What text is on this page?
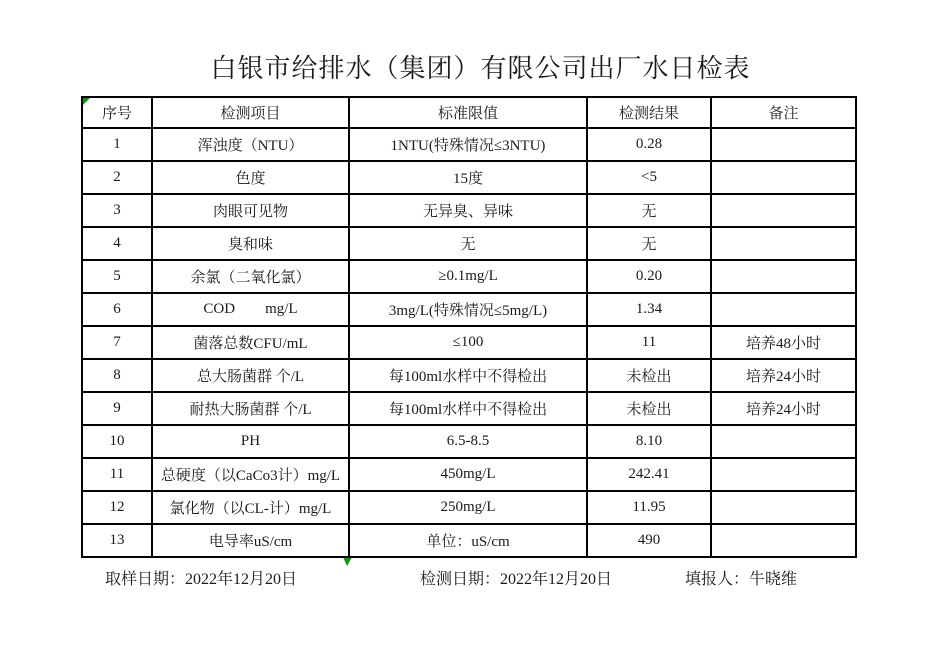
白银市给排水（集团）有限公司出厂水日检表
序号	检测项目	标准限值	检测结果	备注
1	浑浊度（NTU）	1NTU(特殊情况≤3NTU)	0.28	
2	色度	15度	<5	
3	肉眼可见物	无异臭、异味	无	
4	臭和味	无	无	
5	余氯（二氧化氯）	≥0.1mg/L	0.20	
6	COD        mg/L	3mg/L(特殊情况≤5mg/L)	1.34	
7	菌落总数CFU/mL	≤100	11	培养48小时
8	总大肠菌群 个/L	每100ml水样中不得检出	未检出	培养24小时
9	耐热大肠菌群 个/L	每100ml水样中不得检出	未检出	培养24小时
10	PH	6.5-8.5	8.10	
11	总硬度（以CaCo3计）mg/L	450mg/L	242.41	
12	氯化物（以CL-计）mg/L	250mg/L	11.95	
13	电导率uS/cm	单位：uS/cm	490	
取样日期：2022年12月20日	检测日期：2022年12月20日	填报人：牛晓维
